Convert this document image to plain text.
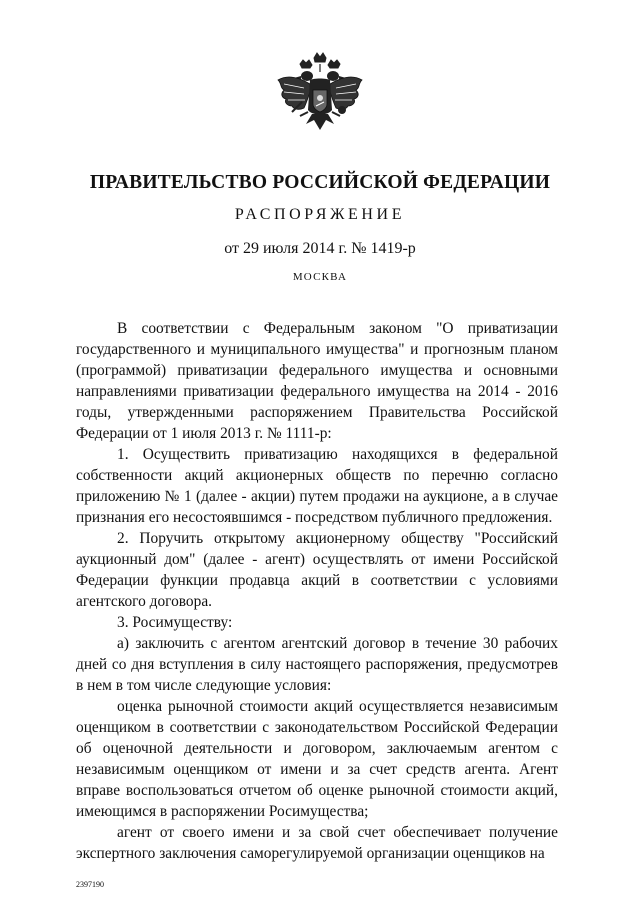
ПРАВИТЕЛЬСТВО РОССИЙСКОЙ ФЕДЕРАЦИИ
РАСПОРЯЖЕНИЕ
от 29 июля 2014 г. № 1419-р
МОСКВА

В соответствии с Федеральным законом "О приватизации государственного и муниципального имущества" и прогнозным планом (программой) приватизации федерального имущества и основными направлениями приватизации федерального имущества на 2014 - 2016 годы, утвержденными распоряжением Правительства Российской Федерации от 1 июля 2013 г. № 1111-р:

1. Осуществить приватизацию находящихся в федеральной собственности акций акционерных обществ по перечню согласно приложению № 1 (далее - акции) путем продажи на аукционе, а в случае признания его несостоявшимся - посредством публичного предложения.

2. Поручить открытому акционерному обществу "Российский аукционный дом" (далее - агент) осуществлять от имени Российской Федерации функции продавца акций в соответствии с условиями агентского договора.

3. Росимуществу:

а) заключить с агентом агентский договор в течение 30 рабочих дней со дня вступления в силу настоящего распоряжения, предусмотрев в нем в том числе следующие условия:

оценка рыночной стоимости акций осуществляется независимым оценщиком в соответствии с законодательством Российской Федерации об оценочной деятельности и договором, заключаемым агентом с независимым оценщиком от имени и за счет средств агента. Агент вправе воспользоваться отчетом об оценке рыночной стоимости акций, имеющимся в распоряжении Росимущества;

агент от своего имени и за свой счет обеспечивает получение экспертного заключения саморегулируемой организации оценщиков на

2397190
